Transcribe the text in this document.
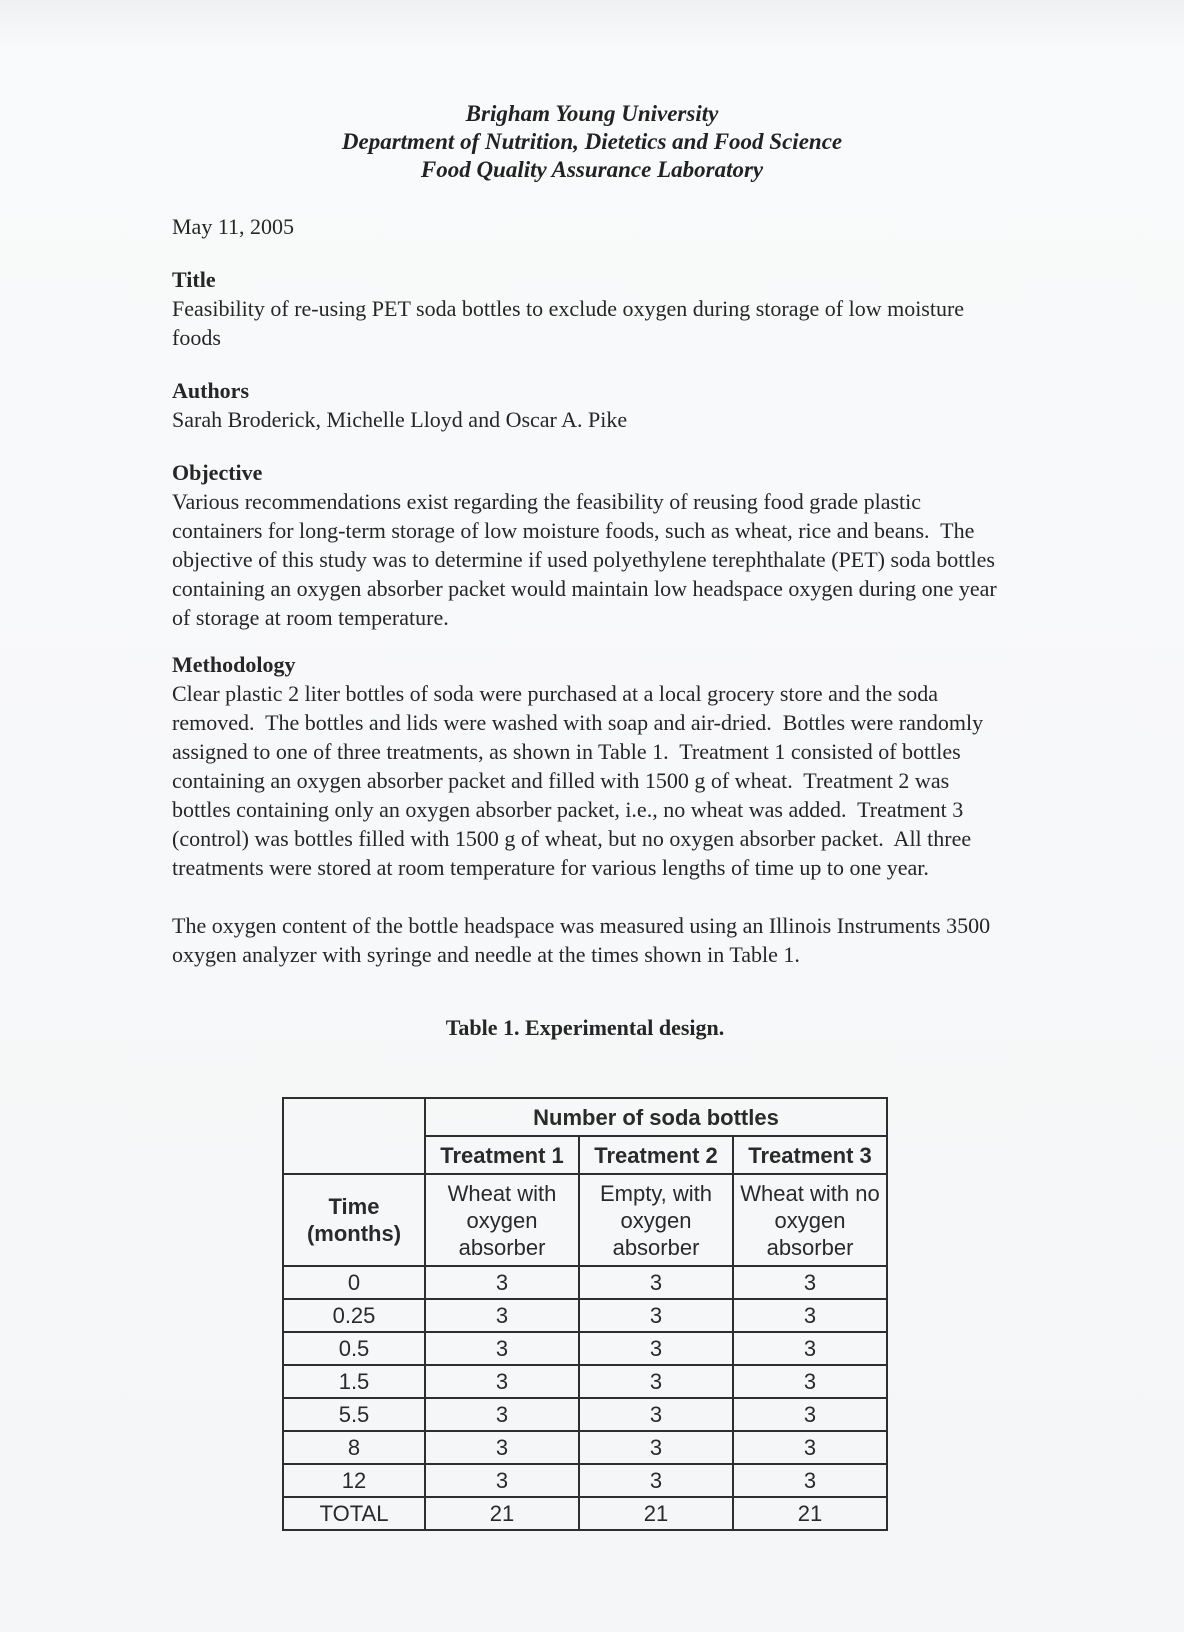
Brigham Young University
Department of Nutrition, Dietetics and Food Science
Food Quality Assurance Laboratory
May 11, 2005
Title

Feasibility of re-using PET soda bottles to exclude oxygen during storage of low moisture foods

Authors

Sarah Broderick, Michelle Lloyd and Oscar A. Pike

Objective

Various recommendations exist regarding the feasibility of reusing food grade plastic containers for long-term storage of low moisture foods, such as wheat, rice and beans.  The objective of this study was to determine if used polyethylene terephthalate (PET) soda bottles containing an oxygen absorber packet would maintain low headspace oxygen during one year of storage at room temperature.

Methodology

Clear plastic 2 liter bottles of soda were purchased at a local grocery store and the soda removed.  The bottles and lids were washed with soap and air-dried.  Bottles were randomly assigned to one of three treatments, as shown in Table 1.  Treatment 1 consisted of bottles containing an oxygen absorber packet and filled with 1500 g of wheat.  Treatment 2 was bottles containing only an oxygen absorber packet, i.e., no wheat was added.  Treatment 3 (control) was bottles filled with 1500 g of wheat, but no oxygen absorber packet.  All three treatments were stored at room temperature for various lengths of time up to one year.

The oxygen content of the bottle headspace was measured using an Illinois Instruments 3500 oxygen analyzer with syringe and needle at the times shown in Table 1.

Table 1. Experimental design.
	Number of soda bottles		
	Treatment 1	Treatment 2	Treatment 3
Time (months)	Wheat with oxygen absorber	Empty, with oxygen absorber	Wheat with no oxygen absorber
0	3	3	3
0.25	3	3	3
0.5	3	3	3
1.5	3	3	3
5.5	3	3	3
8	3	3	3
12	3	3	3
TOTAL	21	21	21
